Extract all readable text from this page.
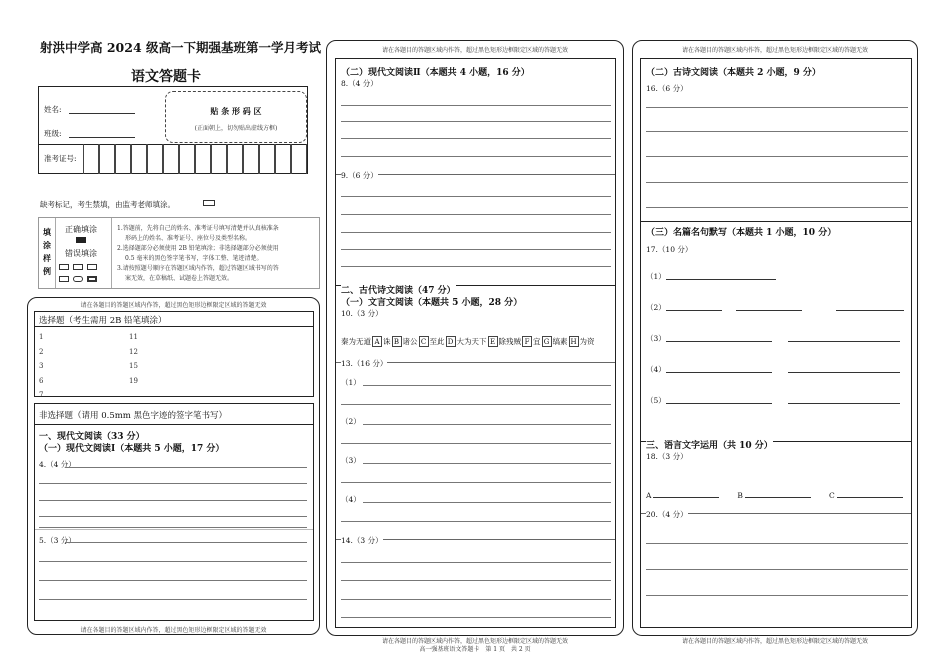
射洪中学高 2024 级高一下期强基班第一学月考试
语文答题卡
姓名:
班级:
贴 条 形 码 区
(正面朝上，切勿贴出虚线方框)
准考证号:
缺考标记，考生禁填，由监考老师填涂。
填涂样例
正确填涂
错误填涂
1.答题前，先将自己的姓名、准考证号填写清楚并认真核准条
形码上的姓名、准考证号、座位号及类型名称。
2.选择题部分必须使用 2B 铅笔填涂；非选择题部分必须使用
0.5 毫米的黑色签字笔书写，字体工整、笔迹清楚。
3.请按照题号顺序在答题区域内作答，超过答题区域书写的答
案无效，在草稿纸、试题卷上答题无效。
请在各题目的答题区域内作答，超过黑色矩形边框限定区域的答题无效
选择题（考生需用 2B 铅笔填涂）
1
2
3
6
7
11
12
15
19
非选择题（请用 0.5mm 黑色字迹的签字笔书写）
一、现代文阅读（33 分）
（一）现代文阅读Ⅰ（本题共 5 小题，17 分）
4.（4 分）
5.（3 分）
请在各题目的答题区域内作答，超过黑色矩形边框限定区域的答题无效
请在各题目的答题区域内作答，超过黑色矩形边框限定区域的答题无效
（二）现代文阅读Ⅱ（本题共 4 小题，16 分）
8.（4 分）
9.（6 分）
二、古代诗文阅读（47 分）
（一）文言文阅读（本题共 5 小题，28 分）
10.（3 分）
秦为无道 A 诛 B 诸公 C 至此 D 大为天下 E 除残贼 F 宜 G 缟素 H 为资
13.（16 分）
（1）
（2）
（3）
（4）
14.（3 分）
请在各题目的答题区域内作答，超过黑色矩形边框限定区域的答题无效
高一强基班语文答题卡　第 1 页　共 2 页
请在各题目的答题区域内作答，超过黑色矩形边框限定区域的答题无效
（二）古诗文阅读（本题共 2 小题，9 分）
16.（6 分）
（三）名篇名句默写（本题共 1 小题，10 分）
17.（10 分）
（1）
（2）
（3）
（4）
（5）
三、语言文字运用（共 10 分）
18.（3 分）
A	B	C
20.（4 分）
请在各题目的答题区域内作答，超过黑色矩形边框限定区域的答题无效
